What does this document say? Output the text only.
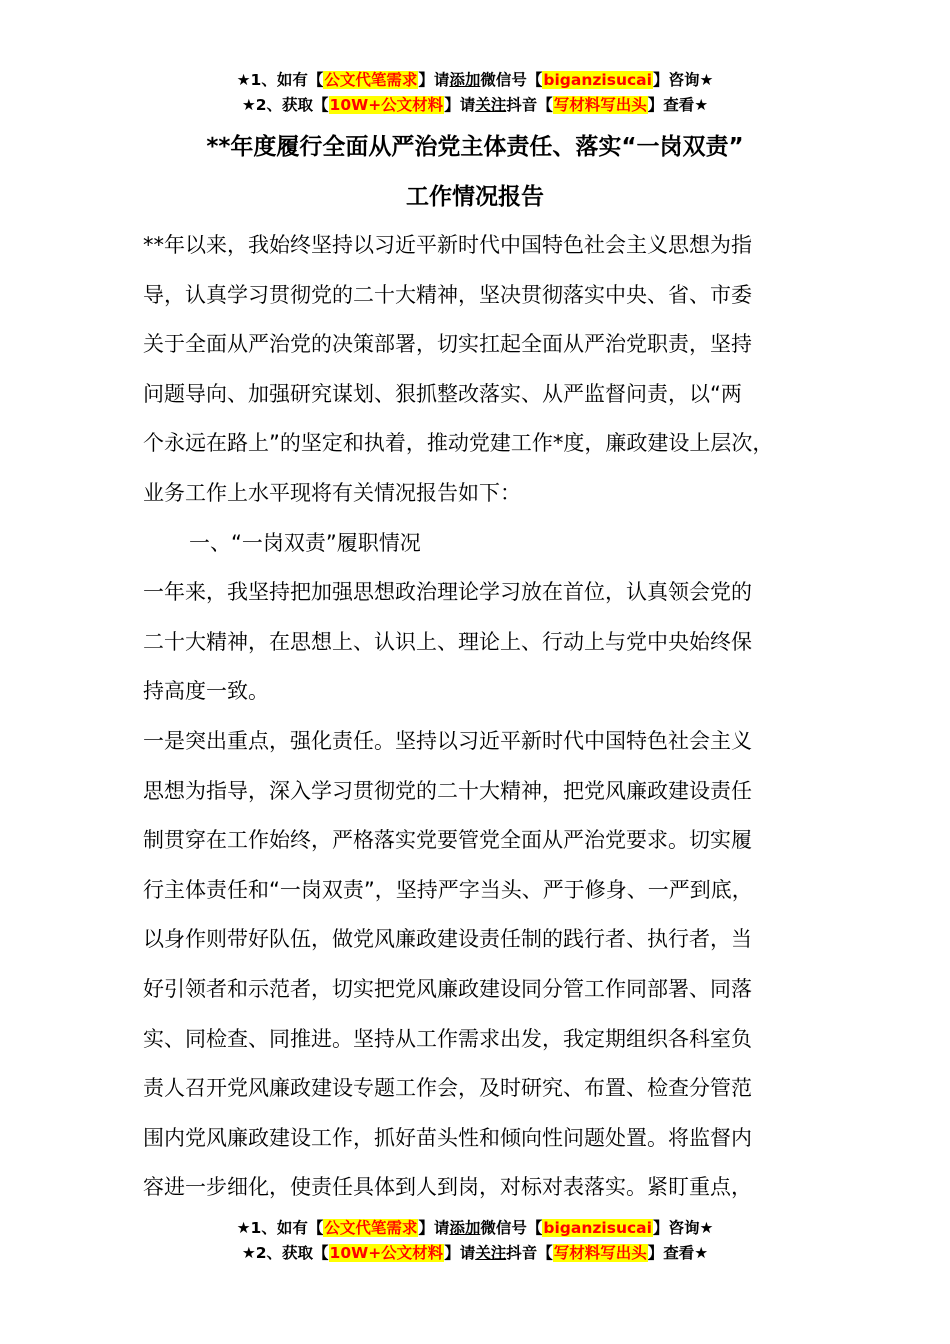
★1、如有【公文代笔需求】请添加微信号【biganzisucai】咨询★
★2、获取【10W+公文材料】请关注抖音【写材料写出头】查看★
**年度履行全面从严治党主体责任、落实“一岗双责”
工作情况报告

**年以来，我始终坚持以习近平新时代中国特色社会主义思想为指

导，认真学习贯彻党的二十大精神，坚决贯彻落实中央、省、市委

关于全面从严治党的决策部署，切实扛起全面从严治党职责，坚持

问题导向、加强研究谋划、狠抓整改落实、从严监督问责，以“两

个永远在路上”的坚定和执着，推动党建工作*度，廉政建设上层次，

业务工作上水平现将有关情况报告如下：

一、“一岗双责”履职情况

一年来，我坚持把加强思想政治理论学习放在首位，认真领会党的

二十大精神，在思想上、认识上、理论上、行动上与党中央始终保

持高度一致。

一是突出重点，强化责任。坚持以习近平新时代中国特色社会主义

思想为指导，深入学习贯彻党的二十大精神，把党风廉政建设责任

制贯穿在工作始终，严格落实党要管党全面从严治党要求。切实履

行主体责任和“一岗双责”，坚持严字当头、严于修身、一严到底，

以身作则带好队伍，做党风廉政建设责任制的践行者、执行者，当

好引领者和示范者，切实把党风廉政建设同分管工作同部署、同落

实、同检查、同推进。坚持从工作需求出发，我定期组织各科室负

责人召开党风廉政建设专题工作会，及时研究、布置、检查分管范

围内党风廉政建设工作，抓好苗头性和倾向性问题处置。将监督内

容进一步细化，使责任具体到人到岗，对标对表落实。紧盯重点，

★1、如有【公文代笔需求】请添加微信号【biganzisucai】咨询★
★2、获取【10W+公文材料】请关注抖音【写材料写出头】查看★
